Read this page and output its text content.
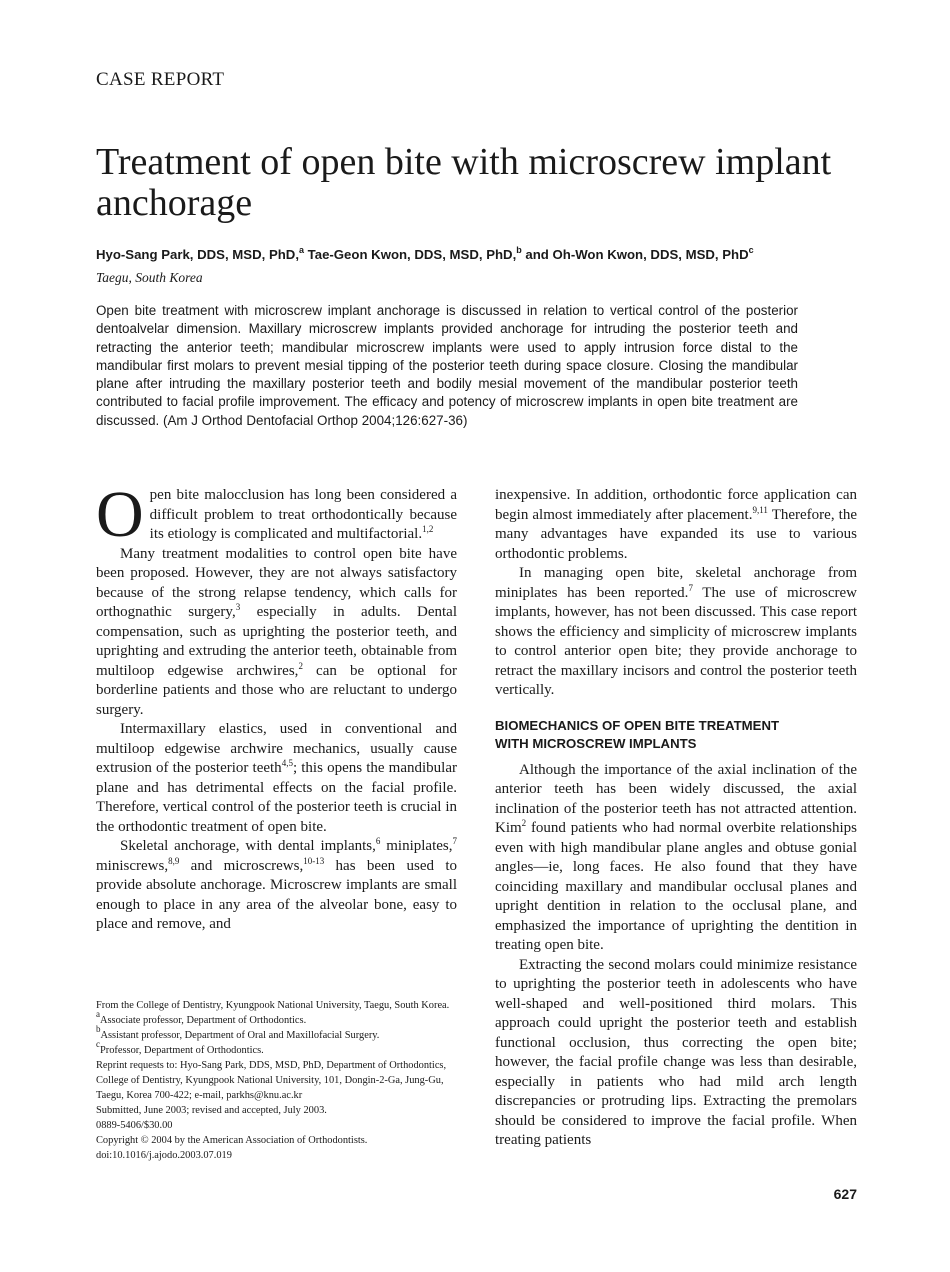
CASE REPORT
Treatment of open bite with microscrew implant anchorage
Hyo-Sang Park, DDS, MSD, PhD,$^a$ Tae-Geon Kwon, DDS, MSD, PhD,$^b$ and Oh-Won Kwon, DDS, MSD, PhD$^c$
Taegu, South Korea

Open bite treatment with microscrew implant anchorage is discussed in relation to vertical control of the posterior dentoalvelar dimension. Maxillary microscrew implants provided anchorage for intruding the posterior teeth and retracting the anterior teeth; mandibular microscrew implants were used to apply intrusion force distal to the mandibular first molars to prevent mesial tipping of the posterior teeth during space closure. Closing the mandibular plane after intruding the maxillary posterior teeth and bodily mesial movement of the mandibular posterior teeth contributed to facial profile improvement. The efficacy and potency of microscrew implants in open bite treatment are discussed. (Am J Orthod Dentofacial Orthop 2004;126:627-36)

Open bite malocclusion has long been considered a difficult problem to treat orthodontically because its etiology is complicated and multifactorial.$^{1,2}$

Many treatment modalities to control open bite have been proposed. However, they are not always satisfactory because of the strong relapse tendency, which calls for orthognathic surgery,$^3$ especially in adults. Dental compensation, such as uprighting the posterior teeth, and uprighting and extruding the anterior teeth, obtainable from multiloop edgewise archwires,$^2$ can be optional for borderline patients and those who are reluctant to undergo surgery.

Intermaxillary elastics, used in conventional and multiloop edgewise archwire mechanics, usually cause extrusion of the posterior teeth$^{4,5}$; this opens the mandibular plane and has detrimental effects on the facial profile. Therefore, vertical control of the posterior teeth is crucial in the orthodontic treatment of open bite.

Skeletal anchorage, with dental implants,$^6$ miniplates,$^7$ miniscrews,$^{8,9}$ and microscrews,$^{10-13}$ has been used to provide absolute anchorage. Microscrew implants are small enough to place in any area of the alveolar bone, easy to place and remove, and

From the College of Dentistry, Kyungpook National University, Taegu, South Korea.
$^a$Associate professor, Department of Orthodontics.
$^b$Assistant professor, Department of Oral and Maxillofacial Surgery.
$^c$Professor, Department of Orthodontics.
Reprint requests to: Hyo-Sang Park, DDS, MSD, PhD, Department of Orthodontics, College of Dentistry, Kyungpook National University, 101, Dongin-2-Ga, Jung-Gu, Taegu, Korea 700-422; e-mail, parkhs@knu.ac.kr
Submitted, June 2003; revised and accepted, July 2003.
0889-5406/$30.00
Copyright © 2004 by the American Association of Orthodontists.
doi:10.1016/j.ajodo.2003.07.019

inexpensive. In addition, orthodontic force application can begin almost immediately after placement.$^{9,11}$ Therefore, the many advantages have expanded its use to various orthodontic problems.

In managing open bite, skeletal anchorage from miniplates has been reported.$^7$ The use of microscrew implants, however, has not been discussed. This case report shows the efficiency and simplicity of microscrew implants to control anterior open bite; they provide anchorage to retract the maxillary incisors and control the posterior teeth vertically.

BIOMECHANICS OF OPEN BITE TREATMENT
WITH MICROSCREW IMPLANTS

Although the importance of the axial inclination of the anterior teeth has been widely discussed, the axial inclination of the posterior teeth has not attracted attention. Kim$^2$ found patients who had normal overbite relationships even with high mandibular plane angles and obtuse gonial angles—ie, long faces. He also found that they have coinciding maxillary and mandibular occlusal planes and upright dentition in relation to the occlusal plane, and emphasized the importance of uprighting the dentition in treating open bite.

Extracting the second molars could minimize resistance to uprighting the posterior teeth in adolescents who have well-shaped and well-positioned third molars. This approach could upright the posterior teeth and establish functional occlusion, thus correcting the open bite; however, the facial profile change was less than desirable, especially in patients who had mild arch length discrepancies or protruding lips. Extracting the premolars should be considered to improve the facial profile. When treating patients

627
